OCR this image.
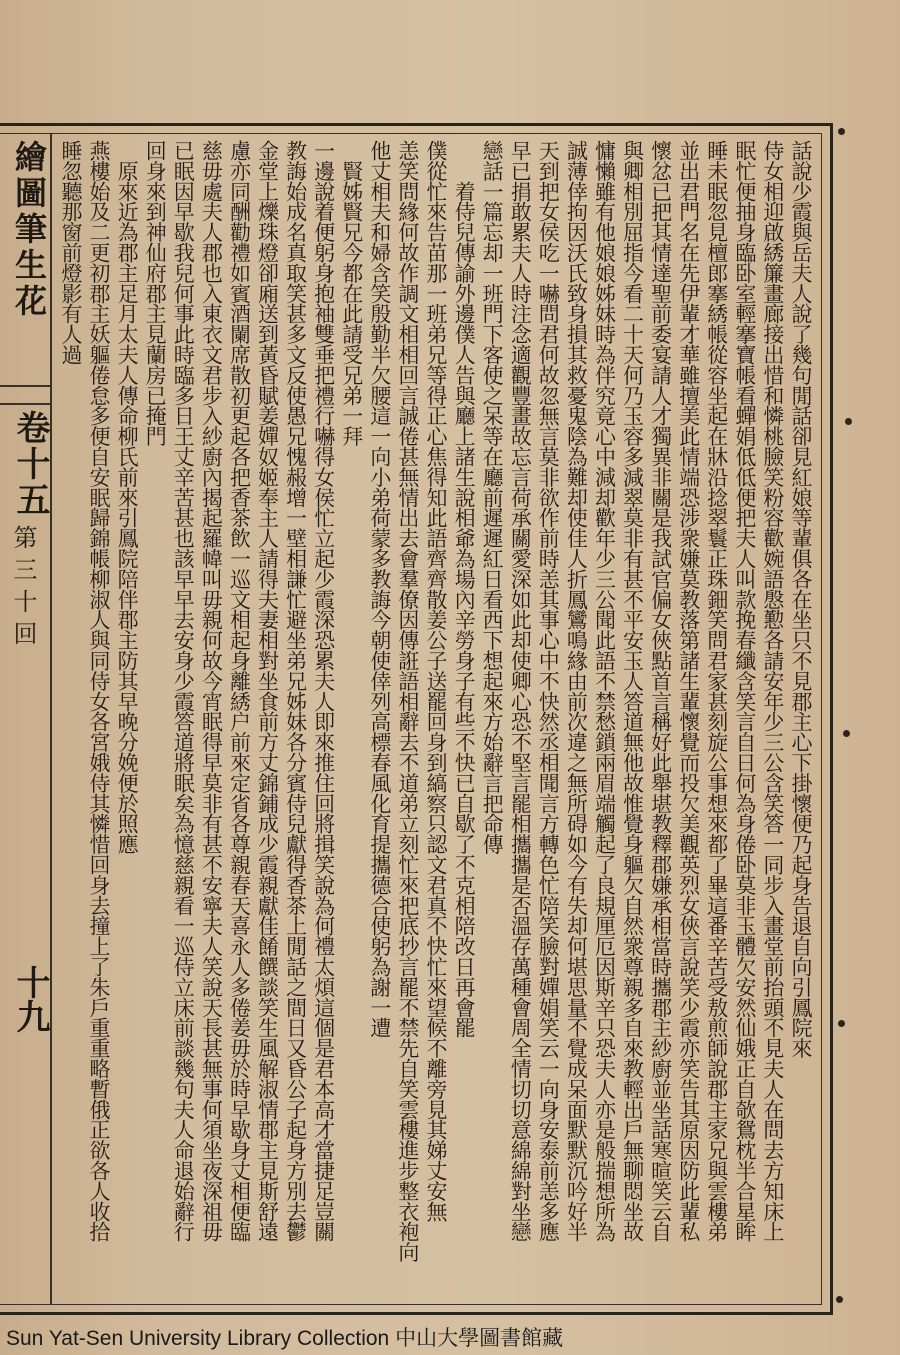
繪圖筆生花
卷十五
第三十回
十九	話說少霞與岳夫人說了幾句閒話卻見紅娘等輩俱各在坐只不見郡主心下掛懷便乃起身告退自向引鳳院來
侍女相迎啟綉簾畫廊接出惜和憐桃臉笑粉容歡婉語慇懃各請安年少三公含笑答一同步入畫堂前抬頭不見夫人在問去方知床上
眠忙便抽身臨卧室輕搴寶帳看蟬娟低低便把夫人叫款挽春纖含笑言自日何為身倦卧莫非玉體欠安然仙娥正自欹鴛枕半合星眸
睡未眠忽見檀郎搴綉帳從容坐起在牀沿捻翠鬟正珠鈿笑問君家甚刻旋公事想來都了畢這番辛苦受敖煎師說郡主家兄與雲樓弟
並出君門名在先伊輩才華雖擅美此情端恐涉衆嫌莫教落第諸生輩懷覺而投欠美觀英烈女俠言說笑少霞亦笑告其原因防此輩私
懷忿已把其情達聖前委宴請人才獨異非關是我試官偏女俠點首言稱好此舉堪教釋郡嫌承相當時攜郡主紗廚並坐話寒暄笑云自
與卿相別屈指今看二十天何乃玉容多減翠莫非有甚不平安玉人答道無他故惟覺身軀欠自然衆尊親多自來教輕出戶無聊悶坐故
慵懶雖有他娘娘姊妹時為伴究竟心中減却歡年少三公聞此語不禁愁鎖兩眉端觸起了良規厘厄因斯辛只恐夫人亦是般揣想所為
誠薄倖拘因沃氏致身損其救憂鬼陰為難却使佳人折鳳鸞鳴緣由前次違之無所碍如今有失却何堪思量不覺成呆面默默沉吟好半
天到把女侯吃一嚇問君何故忽無言莫非欲作前時恙其事心中不快然丞相聞言方轉色忙陪笑臉對嬋娟笑云一向身安泰前恙多應
早已捐敢累夫人時注念適觀豐畫故忘言荷承關愛深如此却使卿心恐不堅言罷相攜攜是否溫存萬種會周全情切切意綿綿對坐戀
戀話一篇忘却一班門下客使之呆等在廳前遲遲紅日看西下想起來方始辭言把命傳
　　着侍兒傳諭外邊僕人告與廳上諸生說相爺為場內辛勞身子有些不快已自歇了不克相陪改日再會罷
僕從忙來告苗那一班弟兄等得正心焦得知此語齊齊散姜公子送罷回身到縞察只認文君真不快忙來望候不離旁見其娣丈安無
恙笑問緣何故作調文相相回言誠倦甚無情出去會羣僚因傳誑語相辭去不道弟立刻忙來把底抄言罷不禁先自笑雲樓進步整衣袍向
他丈相夫和婦含笑殷勤半欠腰這一向小弟荷蒙多教誨今朝使倖列高標春風化育提攜德合使躬為謝一遭
　賢姊賢兄今都在此請受兄弟一拜
一邊說着便躬身抱袖雙垂把禮行嚇得女侯忙立起少霞深恐累夫人即來推住回將揖笑說為何禮太煩這個是君本高才當捷足豈關
教誨始成名真取笑甚多文反使愚兄愧赧增一壁相謙忙避坐弟兄姊妹各分賓侍兒獻得香茶上閒話之間日又昏公子起身方別去鬱
金堂上爍珠燈卻廂送到黃昏賦姜嬋奴姬奉主人請得夫妻相對坐食前方丈錦鋪成少霞親獻佳餚饌談笑生風解淑情郡主見斯舒遠
慮亦同酬勸禮如賓酒闌席散初更起各把香茶飲一巡文相起身離綉户前來定省各尊親春天喜永人多倦姜毋於時早歇身丈相便臨
慈毋處夫人郡也入東衣文君步入紗廚內揭起羅幃叫毋親何故今宵眠得早莫非有甚不安寧夫人笑說天長甚無事何須坐夜深祖毋
已眠因早歇我兒何事此時臨多日王丈辛苦甚也該早早去安身少霞答道將眠矣為憶慈親看一巡侍立床前談幾句夫人命退始辭行
回身來到神仙府郡主見蘭房已掩門
　原來近為郡主足月太夫人傳命柳氏前來引鳳院陪伴郡主防其早晚分娩便於照應
燕樓始及二更初郡主妖軀倦怠多便自安眠歸錦帳柳淑人與同侍女各宮娥侍其憐惜回身去撞上了朱戶重重略暫俄正欲各人收拾
睡忽聽那窗前燈影有人過
Sun Yat-Sen University Library Collection 中山大學圖書館藏
